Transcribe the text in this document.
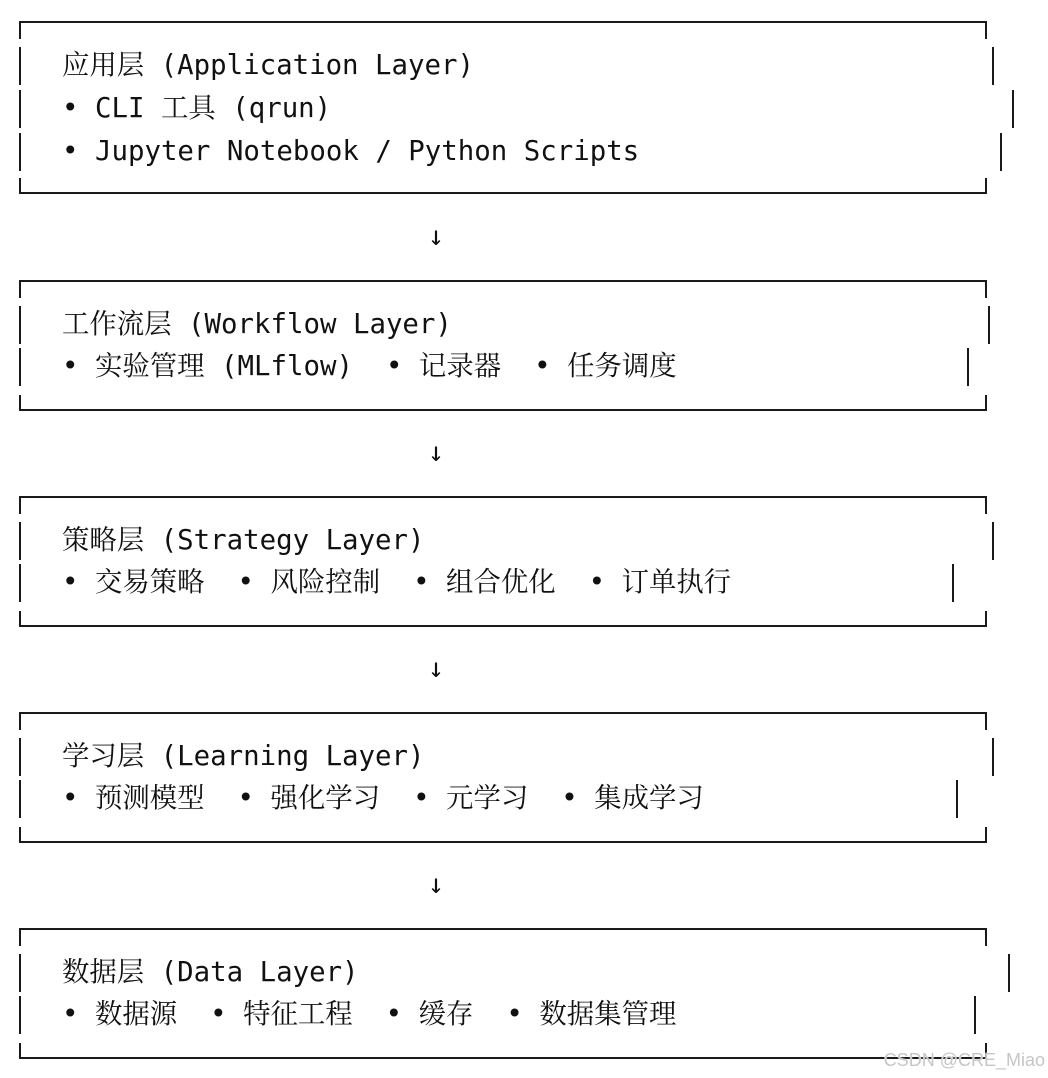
应用层 (Application Layer)
• CLI 工具 (qrun)
• Jupyter Notebook / Python Scripts
↓
工作流层 (Workflow Layer)
• 实验管理 (MLflow) • 记录器 • 任务调度
↓
策略层 (Strategy Layer)
• 交易策略 • 风险控制 • 组合优化 • 订单执行
↓
学习层 (Learning Layer)
• 预测模型 • 强化学习 • 元学习 • 集成学习
↓
数据层 (Data Layer)
• 数据源 • 特征工程 • 缓存 • 数据集管理
CSDN @CRE_Miao
